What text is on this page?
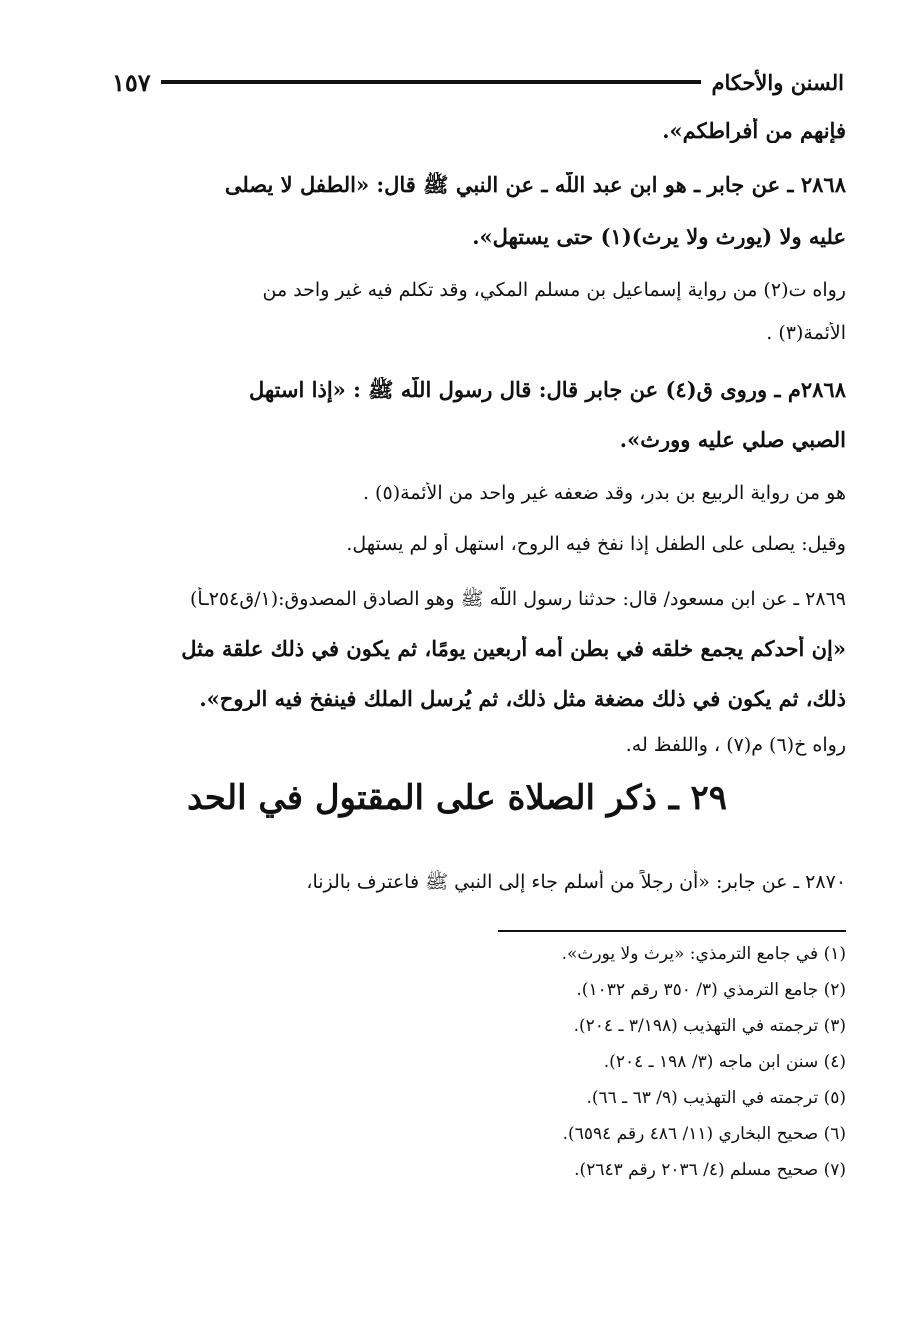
السنن والأحكام
١٥٧
فإنهم من أفراطكم».
٢٨٦٨ ـ عن جابر ـ هو ابن عبد اللَّه ـ عن النبي ﷺ قال: «الطفل لا يصلى
عليه ولا (يورث ولا يرث)(١) حتى يستهل».
رواه ت(٢) من رواية إسماعيل بن مسلم المكي، وقد تكلم فيه غير واحد من
الأئمة(٣) .
٢٨٦٨م ـ وروى ق(٤) عن جابر قال: قال رسول اللَّه ﷺ : «إذا استهل
الصبي صلي عليه وورث».
هو من رواية الربيع بن بدرٍ، وقد ضعفه غير واحد من الأئمة(٥) .
وقيل: يصلى على الطفل إذا نفخ فيه الروح، استهل أو لم يستهل.
٢٨٦٩ ـ عن ابن مسعود/ قال: حدثنا رسول اللَّه ﷺ وهو الصادق المصدوق:(١/ق٢٥٤ـأ)
«إن أحدكم يجمع خلقه في بطن أمه أربعين يومًا، ثم يكون في ذلك علقة مثل
ذلك، ثم يكون في ذلك مضغة مثل ذلك، ثم يُرسل الملك فينفخ فيه الروح».
رواه خ(٦) م(٧) ، واللفظ له.
٢٩ ـ ذكر الصلاة على المقتول في الحد
٢٨٧٠ ـ عن جابر: «أن رجلاً من أسلم جاء إلى النبي ﷺ فاعترف بالزنا،
(١) في جامع الترمذي: «يرث ولا يورث».
(٢) جامع الترمذي (٣/ ٣٥٠ رقم ١٠٣٢).
(٣) ترجمته في التهذيب (٣/١٩٨ ـ ٢٠٤).
(٤) سنن ابن ماجه (٣/ ١٩٨ ـ ٢٠٤).
(٥) ترجمته في التهذيب (٩/ ٦٣ ـ ٦٦).
(٦) صحيح البخاري (١١/ ٤٨٦ رقم ٦٥٩٤).
(٧) صحيح مسلم (٤/ ٢٠٣٦ رقم ٢٦٤٣).
